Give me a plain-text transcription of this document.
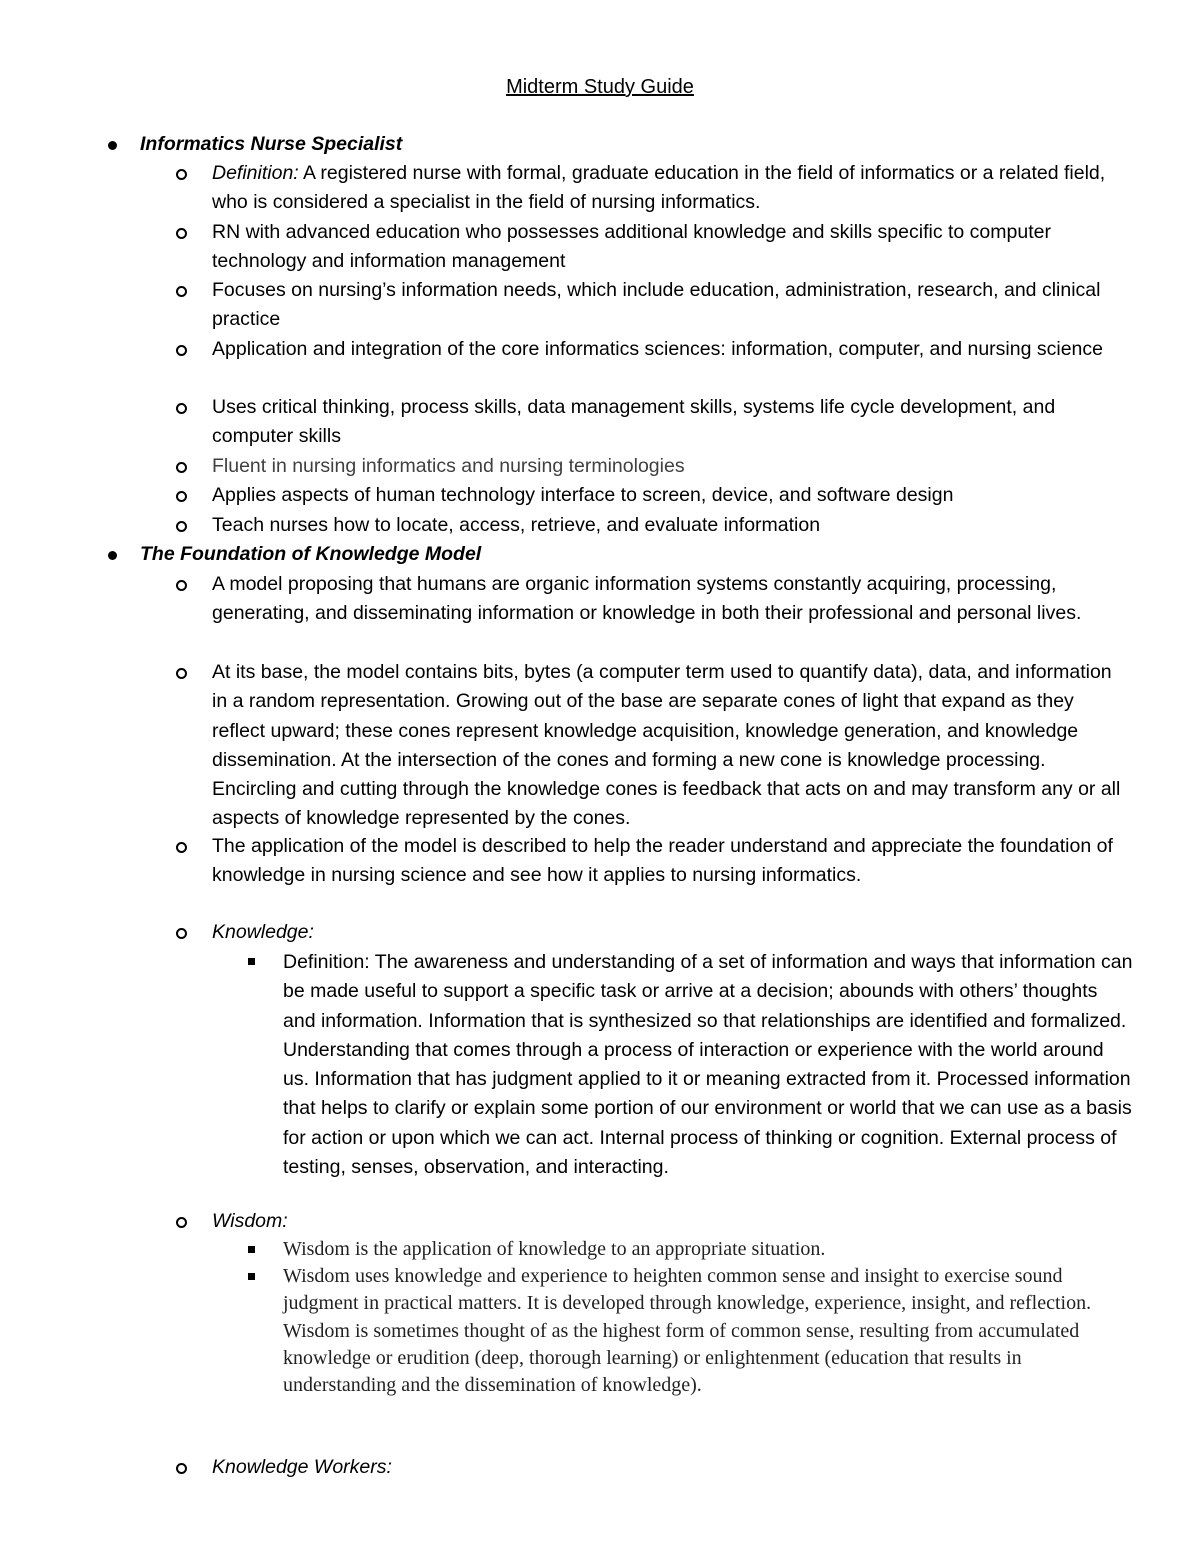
Midterm Study Guide
Informatics Nurse Specialist
Definition: A registered nurse with formal, graduate education in the field of informatics or a related field, who is considered a specialist in the field of nursing informatics.
RN with advanced education who possesses additional knowledge and skills specific to computer technology and information management
Focuses on nursing’s information needs, which include education, administration, research, and clinical practice
Application and integration of the core informatics sciences: information, computer, and nursing science
Uses critical thinking, process skills, data management skills, systems life cycle development, and computer skills
Fluent in nursing informatics and nursing terminologies
Applies aspects of human technology interface to screen, device, and software design
Teach nurses how to locate, access, retrieve, and evaluate information
The Foundation of Knowledge Model
A model proposing that humans are organic information systems constantly acquiring, processing, generating, and disseminating information or knowledge in both their professional and personal lives.
At its base, the model contains bits, bytes (a computer term used to quantify data), data, and information in a random representation. Growing out of the base are separate cones of light that expand as they reflect upward; these cones represent knowledge acquisition, knowledge generation, and knowledge dissemination. At the intersection of the cones and forming a new cone is knowledge processing. Encircling and cutting through the knowledge cones is feedback that acts on and may transform any or all aspects of knowledge represented by the cones.
The application of the model is described to help the reader understand and appreciate the foundation of knowledge in nursing science and see how it applies to nursing informatics.
Knowledge:
Definition: The awareness and understanding of a set of information and ways that information can be made useful to support a specific task or arrive at a decision; abounds with others’ thoughts and information. Information that is synthesized so that relationships are identified and formalized. Understanding that comes through a process of interaction or experience with the world around us. Information that has judgment applied to it or meaning extracted from it. Processed information that helps to clarify or explain some portion of our environment or world that we can use as a basis for action or upon which we can act. Internal process of thinking or cognition. External process of testing, senses, observation, and interacting.
Wisdom:
Wisdom is the application of knowledge to an appropriate situation.
Wisdom uses knowledge and experience to heighten common sense and insight to exercise sound judgment in practical matters. It is developed through knowledge, experience, insight, and reflection. Wisdom is sometimes thought of as the highest form of common sense, resulting from accumulated knowledge or erudition (deep, thorough learning) or enlightenment (education that results in understanding and the dissemination of knowledge).
Knowledge Workers:
